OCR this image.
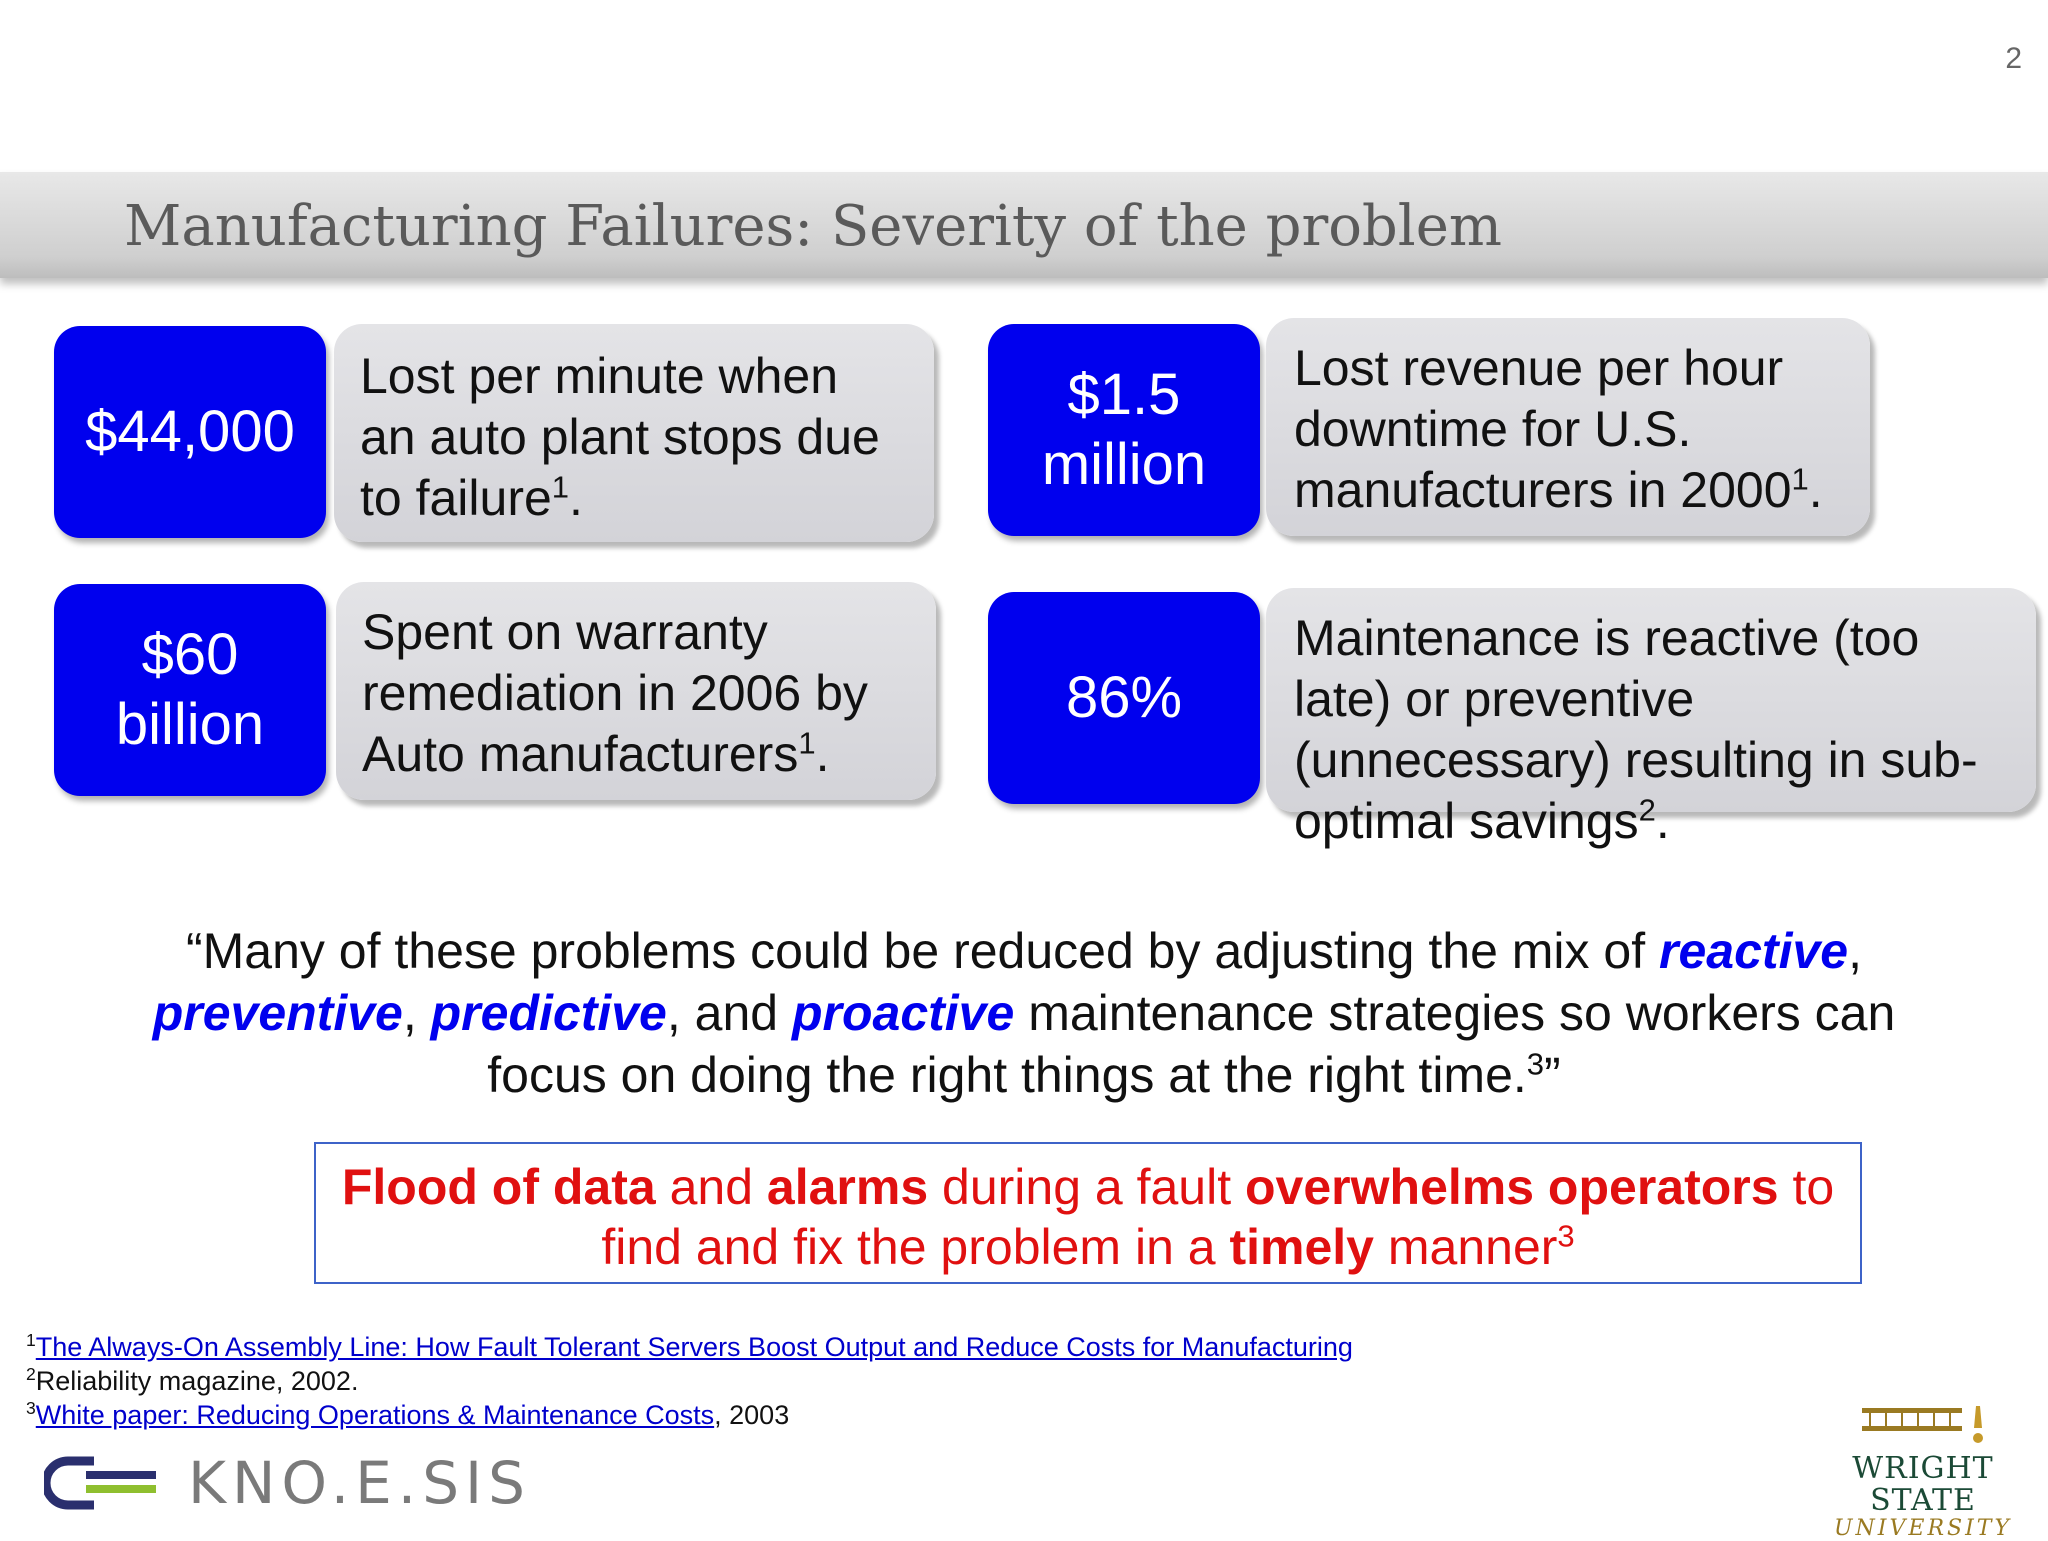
2
Manufacturing Failures: Severity of the problem
$44,000
Lost per minute when
an auto plant stops due
to failure$^1$.
$1.5
million
Lost revenue per hour
downtime for U.S.
manufacturers in 2000$^1$.
$60
billion
Spent on warranty
remediation in 2006 by
Auto manufacturers$^1$.
86%
Maintenance is reactive (too
late) or preventive
(unnecessary) resulting in sub-
optimal savings$^2$.
“Many of these problems could be reduced by adjusting the mix of reactive,
preventive, predictive, and proactive maintenance strategies so workers can
focus on doing the right things at the right time.$^3$”
Flood of data and alarms during a fault overwhelms operators to
find and fix the problem in a timely manner$^3$
$^1$The Always-On Assembly Line: How Fault Tolerant Servers Boost Output and Reduce Costs for Manufacturing
$^2$Reliability magazine, 2002.
$^3$White paper: Reducing Operations & Maintenance Costs, 2003
KNO.E.SIS	WRIGHT STATE
UNIVERSITY
